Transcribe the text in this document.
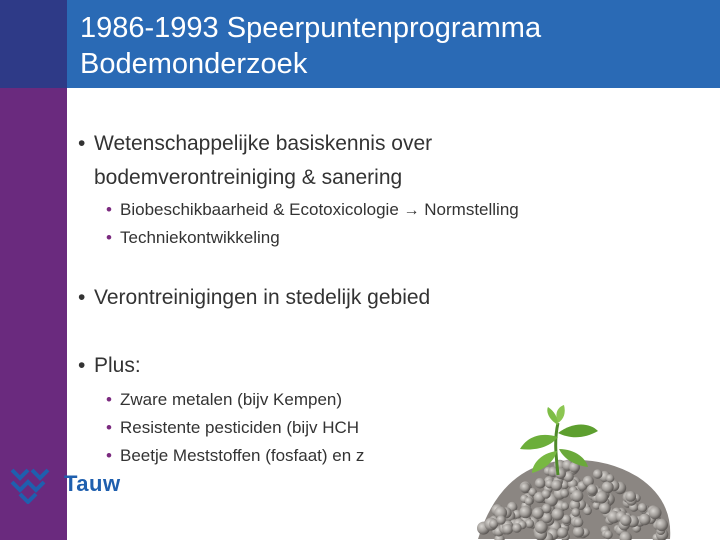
1986-1993 Speerpuntenprogramma
Bodemonderzoek
• Wetenschappelijke basiskennis over
bodemverontreiniging & sanering
• Biobeschikbaarheid & Ecotoxicologie → Normstelling
• Techniekontwikkeling
• Verontreinigingen in stedelijk gebied
• Plus:
• Zware metalen (bijv Kempen)
• Resistente pesticiden (bijv HCH
• Beetje Meststoffen (fosfaat) en z
Tauw
